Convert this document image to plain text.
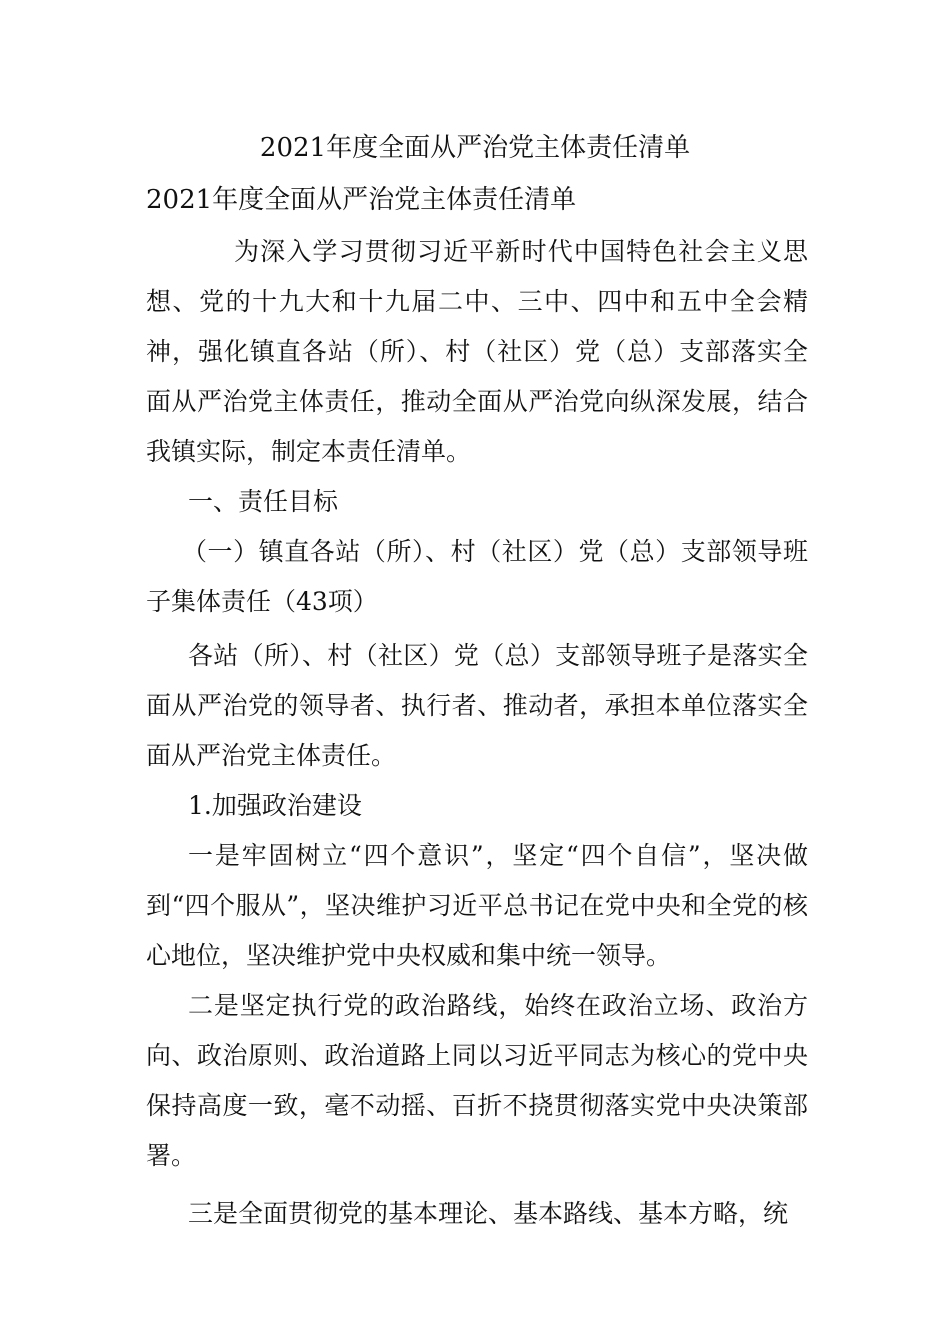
2021年度全面从严治党主体责任清单
2021年度全面从严治党主体责任清单

为深入学习贯彻习近平新时代中国特色社会主义思想、党的十九大和十九届二中、三中、四中和五中全会精神，强化镇直各站（所）、村（社区）党（总）支部落实全面从严治党主体责任，推动全面从严治党向纵深发展，结合我镇实际，制定本责任清单。

一、责任目标

（一）镇直各站（所）、村（社区）党（总）支部领导班子集体责任（43项）

各站（所）、村（社区）党（总）支部领导班子是落实全面从严治党的领导者、执行者、推动者，承担本单位落实全面从严治党主体责任。

1.加强政治建设

一是牢固树立“四个意识”，坚定“四个自信”，坚决做到“四个服从”，坚决维护习近平总书记在党中央和全党的核心地位，坚决维护党中央权威和集中统一领导。

二是坚定执行党的政治路线，始终在政治立场、政治方向、政治原则、政治道路上同以习近平同志为核心的党中央保持高度一致，毫不动摇、百折不挠贯彻落实党中央决策部署。

三是全面贯彻党的基本理论、基本路线、基本方略，统
